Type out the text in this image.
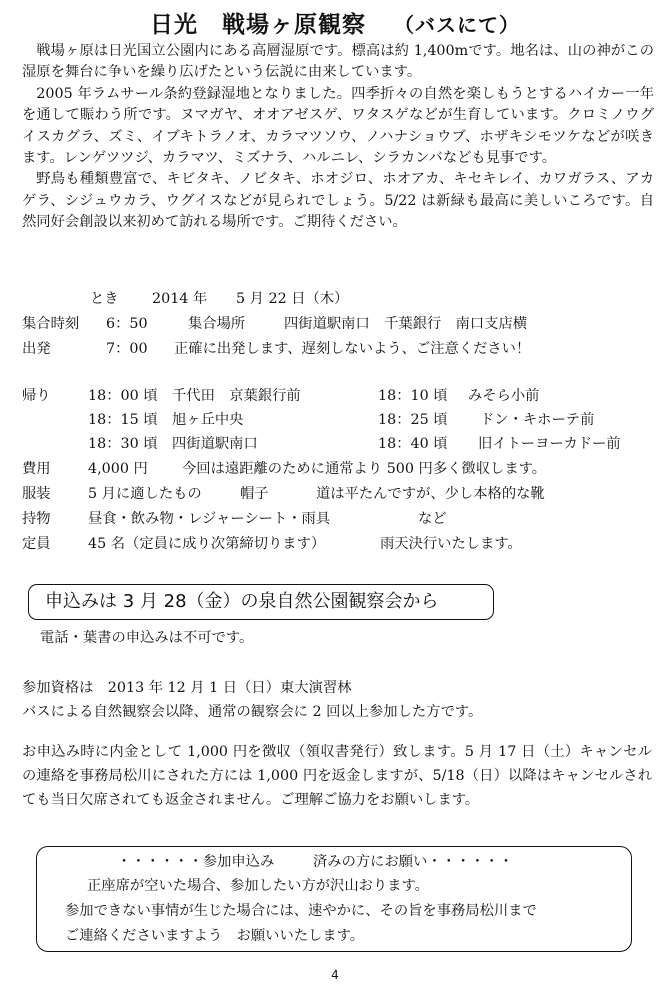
日光　戦場ヶ原観察 （バスにて）

戦場ヶ原は日光国立公園内にある高層湿原です。標高は約 1,400mです。地名は、山の神がこの湿原を舞台に争いを繰り広げたという伝説に由来しています。

2005 年ラムサール条約登録湿地となりました。四季折々の自然を楽しもうとするハイカー一年を通して賑わう所です。ヌマガヤ、オオアゼスゲ、ワタスゲなどが生育しています。クロミノウグイスカグラ、ズミ、イブキトラノオ、カラマツソウ、ノハナショウブ、ホザキシモツケなどが咲きます。レンゲツツジ、カラマツ、ミズナラ、ハルニレ、シラカンバなども見事です。

野鳥も種類豊富で、キビタキ、ノビタキ、ホオジロ、ホオアカ、キセキレイ、カワガラス、アカゲラ、シジュウカラ、ウグイスなどが見られでしょう。5/22 は新緑も最高に美しいころです。自然同好会創設以来初めて訪れる場所です。ご期待ください。

とき 2014 年 5 月 22 日（木）
集合時刻 6：50	集合場所	四街道駅南口　千葉銀行　南口支店横
出発	7：00 正確に出発します、遅刻しないよう、ご注意ください！
帰り	18：00 頃 千代田　京葉銀行前	18：10 頃 みそら小前
18：15 頃 旭ヶ丘中央	18：25 頃 ドン・キホーテ前
18：30 頃 四街道駅南口	18：40 頃 旧イトーヨーカドー前
費用	4,000 円 今回は遠距離のために通常より 500 円多く徴収します。
服装	5 月に適したもの	帽子	道は平たんですが、少し本格的な靴
持物	昼食・飲み物・レジャーシート・雨具	など
定員	45 名（定員に成り次第締切ります）	雨天決行いたします。
申込みは 3 月 28（金）の泉自然公園観察会から
電話・葉書の申込みは不可です。

参加資格は　2013 年 12 月 1 日（日）東大演習林

バスによる自然観察会以降、通常の観察会に 2 回以上参加した方です。

お申込み時に内金として 1,000 円を徴収（領収書発行）致します。5 月 17 日（土）キャンセルの連絡を事務局松川にされた方には 1,000 円を返金しますが、5/18（日）以降はキャンセルされても当日欠席されても返金されません。ご理解ご協力をお願いします。

・・・・・・参加申込み	済みの方にお願い・・・・・・
正座席が空いた場合、参加したい方が沢山おります。
参加できない事情が生じた場合には、速やかに、その旨を事務局松川まで
ご連絡くださいますよう　お願いいたします。
4
